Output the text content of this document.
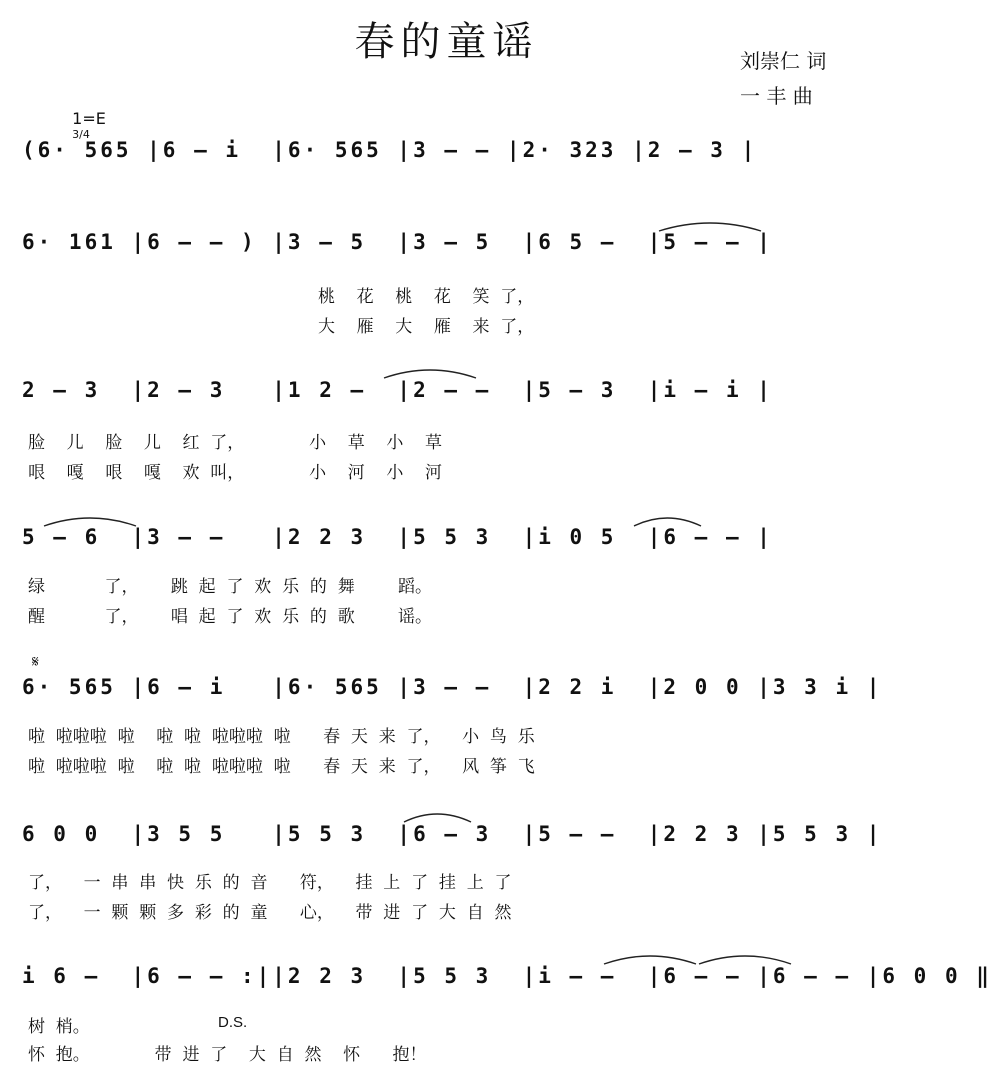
春的童谣	刘崇仁 词
一 丰 曲

1=E
$^{3/4}$

(6· 565 |6 – i  |6· 565 |3 – – |2· 323 |2 – 3 |
6· 161 |6 – – ) |3 – 5  |3 – 5  |6 5 –  |5 – – |
2 – 3  |2 – 3   |1 2 –  |2 – –  |5 – 3  |i – i |
5 – 6  |3 – –   |2 2 3  |5 5 3  |i 0 5  |6 – – |
6· 565 |6 – i   |6· 565 |3 – –  |2 2 i  |2 0 0 |3 3 i |
6 0 0  |3 5 5   |5 5 3  |6 – 3  |5 – –  |2 2 3 |5 5 3 |
i 6 –  |6 – – :||2 2 3  |5 5 3  |i – –  |6 – – |6 – – |6 0 0 ‖
桃    花    桃    花    笑  了，
大    雁    大    雁    来  了，
脸    儿    脸    儿    红  了，            小    草    小    草
哏    嘎    哏    嘎    欢  叫，            小    河    小    河
绿           了，      跳  起  了  欢  乐  的  舞        蹈。
醒           了，      唱  起  了  欢  乐  的  歌        谣。
𝄋
啦  啦啦啦  啦    啦  啦  啦啦啦  啦      春  天  来  了，    小  鸟  乐
啦  啦啦啦  啦    啦  啦  啦啦啦  啦      春  天  来  了，    风  筝  飞
了，    一  串  串  快  乐  的  音      符，    挂  上  了  挂  上  了
了，    一  颗  颗  多  彩  的  童      心，    带  进  了  大  自  然
树  梢。	D.S.
怀  抱。            带  进  了    大  自  然    怀      抱！
